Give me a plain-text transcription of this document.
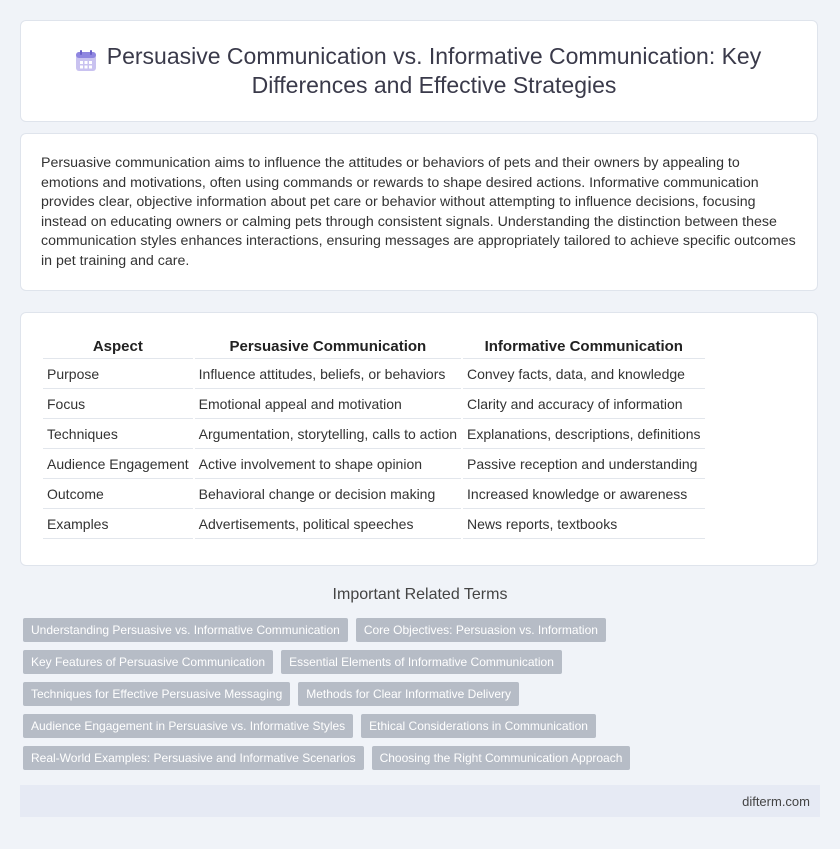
Persuasive Communication vs. Informative Communication: Key Differences and Effective Strategies

Persuasive communication aims to influence the attitudes or behaviors of pets and their owners by appealing to emotions and motivations, often using commands or rewards to shape desired actions. Informative communication provides clear, objective information about pet care or behavior without attempting to influence decisions, focusing instead on educating owners or calming pets through consistent signals. Understanding the distinction between these communication styles enhances interactions, ensuring messages are appropriately tailored to achieve specific outcomes in pet training and care.

Aspect	Persuasive Communication	Informative Communication
Purpose	Influence attitudes, beliefs, or behaviors	Convey facts, data, and knowledge
Focus	Emotional appeal and motivation	Clarity and accuracy of information
Techniques	Argumentation, storytelling, calls to action	Explanations, descriptions, definitions
Audience Engagement	Active involvement to shape opinion	Passive reception and understanding
Outcome	Behavioral change or decision making	Increased knowledge or awareness
Examples	Advertisements, political speeches	News reports, textbooks
Important Related Terms
Understanding Persuasive vs. Informative Communication	Core Objectives: Persuasion vs. Information
Key Features of Persuasive Communication	Essential Elements of Informative Communication
Techniques for Effective Persuasive Messaging	Methods for Clear Informative Delivery
Audience Engagement in Persuasive vs. Informative Styles	Ethical Considerations in Communication
Real-World Examples: Persuasive and Informative Scenarios	Choosing the Right Communication Approach
difterm.com
